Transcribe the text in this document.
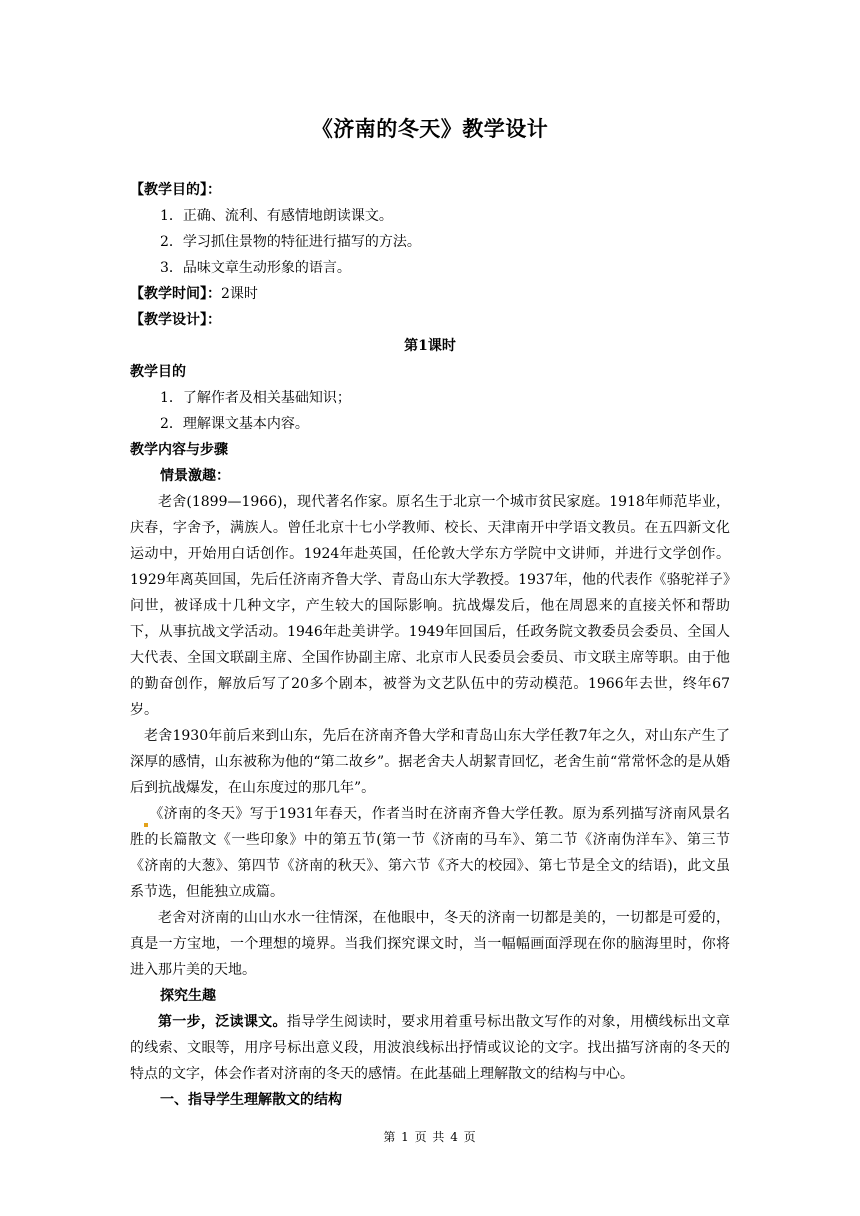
《济南的冬天》教学设计
【教学目的】：
1．正确、流利、有感情地朗读课文。
2．学习抓住景物的特征进行描写的方法。
3．品味文章生动形象的语言。
【教学时间】：2课时
【教学设计】：
第1课时
教学目的
1．了解作者及相关基础知识；
2．理解课文基本内容。
教学内容与步骤
情景激趣：
老舍(1899—1966)，现代著名作家。原名生于北京一个城市贫民家庭。1918年师范毕业，庆春，字舍予，满族人。曾任北京十七小学教师、校长、天津南开中学语文教员。在五四新文化运动中，开始用白话创作。1924年赴英国，任伦敦大学东方学院中文讲师，并进行文学创作。1929年离英回国，先后任济南齐鲁大学、青岛山东大学教授。1937年，他的代表作《骆驼祥子》问世，被译成十几种文字，产生较大的国际影响。抗战爆发后，他在周恩来的直接关怀和帮助下，从事抗战文学活动。1946年赴美讲学。1949年回国后，任政务院文教委员会委员、全国人大代表、全国文联副主席、全国作协副主席、北京市人民委员会委员、市文联主席等职。由于他的勤奋创作，解放后写了20多个剧本，被誉为文艺队伍中的劳动模范。1966年去世，终年67岁。
老舍1930年前后来到山东，先后在济南齐鲁大学和青岛山东大学任教7年之久，对山东产生了深厚的感情，山东被称为他的“第二故乡”。据老舍夫人胡絜青回忆，老舍生前“常常怀念的是从婚后到抗战爆发，在山东度过的那几年”。
《济南的冬天》写于1931年春天，作者当时在济南齐鲁大学任教。原为系列描写济南风景名胜的长篇散文《一些印象》中的第五节(第一节《济南的马车》、第二节《济南伪洋车》、第三节《济南的大葱》、第四节《济南的秋天》、第六节《齐大的校园》、第七节是全文的结语)，此文虽系节选，但能独立成篇。
老舍对济南的山山水水一往情深，在他眼中，冬天的济南一切都是美的，一切都是可爱的，真是一方宝地，一个理想的境界。当我们探究课文时，当一幅幅画面浮现在你的脑海里时，你将进入那片美的天地。
探究生趣
第一步，泛读课文。指导学生阅读时，要求用着重号标出散文写作的对象，用横线标出文章的线索、文眼等，用序号标出意义段，用波浪线标出抒情或议论的文字。找出描写济南的冬天的特点的文字，体会作者对济南的冬天的感情。在此基础上理解散文的结构与中心。
一、指导学生理解散文的结构
第 1 页 共 4 页
